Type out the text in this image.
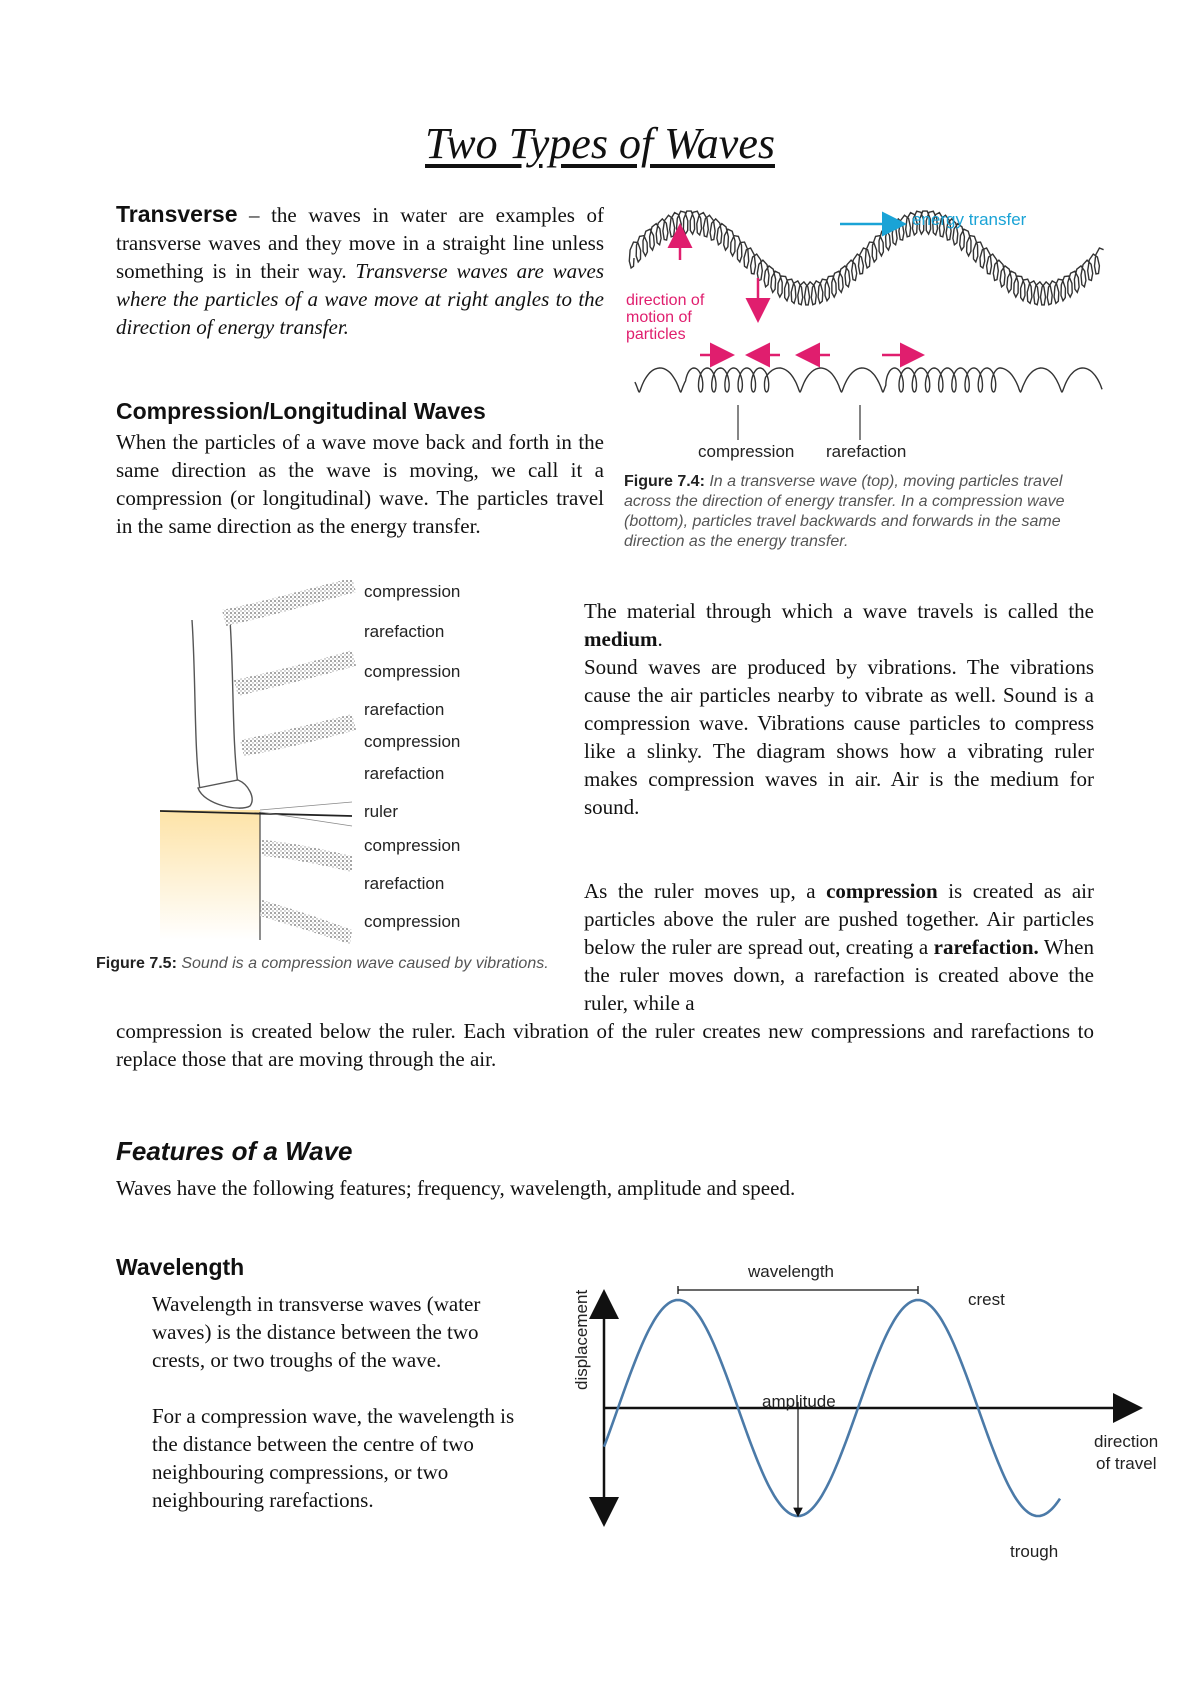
Two Types of Waves
Transverse – the waves in water are examples of transverse waves and they move in a straight line unless something is in their way. Transverse waves are waves where the particles of a wave move at right angles to the direction of energy transfer.
Compression/Longitudinal Waves
When the particles of a wave move back and forth in the same direction as the wave is moving, we call it a compression (or longitudinal) wave. The particles travel in the same direction as the energy transfer.
energy transfer
direction of motion of particles
compression rarefaction
Figure 7.4: In a transverse wave (top), moving particles travel across the direction of energy transfer. In a compression wave (bottom), particles travel backwards and forwards in the same direction as the energy transfer.
compression
rarefaction
compression
rarefaction
compression
rarefaction
ruler
compression
rarefaction
compression
Figure 7.5: Sound is a compression wave caused by vibrations.
The material through which a wave travels is called the medium.
Sound waves are produced by vibrations. The vibrations cause the air particles nearby to vibrate as well. Sound is a compression wave. Vibrations cause particles to compress like a slinky. The diagram shows how a vibrating ruler makes compression waves in air. Air is the medium for sound.
As the ruler moves up, a compression is created as air particles above the ruler are pushed together. Air particles below the ruler are spread out, creating a rarefaction. When the ruler moves down, a rarefaction is created above the ruler, while a
compression is created below the ruler. Each vibration of the ruler creates new compressions and rarefactions to replace those that are moving through the air.
Features of a Wave
Waves have the following features; frequency, wavelength, amplitude and speed.
Wavelength
Wavelength in transverse waves (water waves) is the distance between the two crests, or two troughs of the wave.
For a compression wave, the wavelength is the distance between the centre of two neighbouring compressions, or two neighbouring rarefactions.
wavelength
crest
amplitude
displacement
direction
of travel
trough
